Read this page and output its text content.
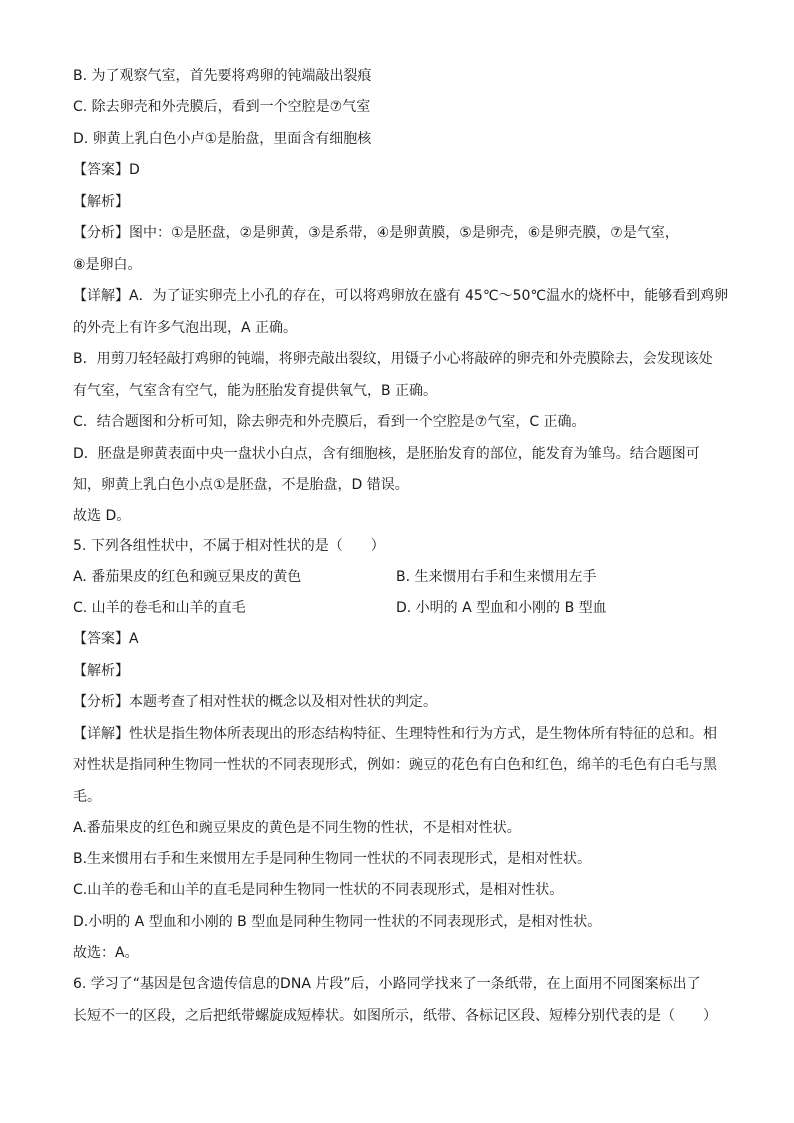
B. 为了观察气室，首先要将鸡卵的钝端敲出裂痕
C. 除去卵壳和外壳膜后，看到一个空腔是⑦气室
D. 卵黄上乳白色小卢①是胎盘，里面含有细胞核
【答案】D
【解析】
【分析】图中：①是胚盘，②是卵黄，③是系带，④是卵黄膜，⑤是卵壳，⑥是卵壳膜，⑦是气室，
⑧是卵白。
【详解】A．为了证实卵壳上小孔的存在，可以将鸡卵放在盛有 45℃～50℃温水的烧杯中，能够看到鸡卵
的外壳上有许多气泡出现，A 正确。
B．用剪刀轻轻敲打鸡卵的钝端，将卵壳敲出裂纹，用镊子小心将敲碎的卵壳和外壳膜除去，会发现该处
有气室，气室含有空气，能为胚胎发育提供氧气，B 正确。
C．结合题图和分析可知，除去卵壳和外壳膜后，看到一个空腔是⑦气室，C 正确。
D．胚盘是卵黄表面中央一盘状小白点，含有细胞核，是胚胎发育的部位，能发育为雏鸟。结合题图可
知，卵黄上乳白色小点①是胚盘，不是胎盘，D 错误。
故选 D。
5. 下列各组性状中，不属于相对性状的是（　　）
A. 番茄果皮的红色和豌豆果皮的黄色	B. 生来惯用右手和生来惯用左手
C. 山羊的卷毛和山羊的直毛	D. 小明的 A 型血和小刚的 B 型血
【答案】A
【解析】
【分析】本题考查了相对性状的概念以及相对性状的判定。
【详解】性状是指生物体所表现出的形态结构特征、生理特性和行为方式，是生物体所有特征的总和。相
对性状是指同种生物同一性状的不同表现形式，例如：豌豆的花色有白色和红色，绵羊的毛色有白毛与黑
毛。
A.番茄果皮的红色和豌豆果皮的黄色是不同生物的性状，不是相对性状。
B.生来惯用右手和生来惯用左手是同种生物同一性状的不同表现形式，是相对性状。
C.山羊的卷毛和山羊的直毛是同种生物同一性状的不同表现形式，是相对性状。
D.小明的 A 型血和小刚的 B 型血是同种生物同一性状的不同表现形式，是相对性状。
故选：A。
6. 学习了“基因是包含遗传信息的DNA 片段”后，小路同学找来了一条纸带，在上面用不同图案标出了
长短不一的区段，之后把纸带螺旋成短棒状。如图所示，纸带、各标记区段、短棒分别代表的是（　　）
